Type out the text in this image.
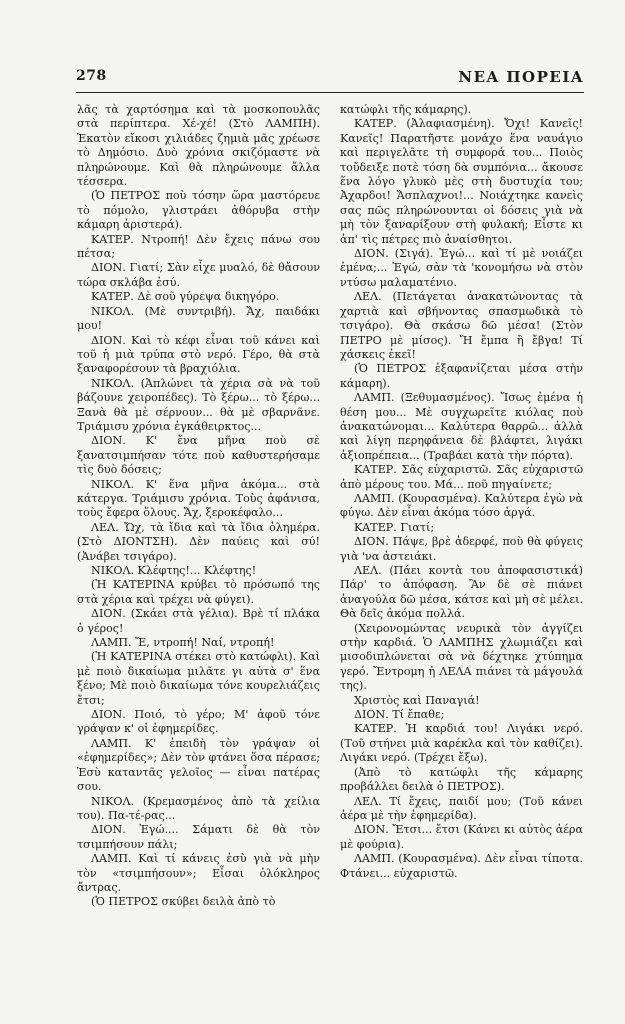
278	ΝΕΑ ΠΟΡΕΙΑ

λᾶς τὰ χαρτόσημα καὶ τὰ μοσκοπουλᾶς στὰ περίπτερα. Χέ-χέ! (Στὸ ΛΑΜΠΗ). Ἑκατὸν εἴκοσι χιλιάδες ζημιὰ μᾶς χρέωσε τὸ Δημόσιο. Δυὸ χρόνια σκιζόμαστε νὰ πληρώνουμε. Καὶ θὰ πληρώνουμε ἄλλα τέσσερα.

(Ὁ ΠΕΤΡΟΣ ποὺ τόσην ὥρα μαστόρευε τὸ πόμολο, γλιστράει ἀθόρυβα στὴν κάμαρη ἀριστερά).

ΚΑΤΕΡ. Ντροπή! Δὲν ἔχεις πάνω σου πέτσα;

ΔΙΟΝ. Γιατί; Σὰν εἶχε μυαλό, δὲ θἄσουν τώρα σκλάβα ἐσύ.

ΚΑΤΕΡ. Δὲ σοῦ γύρεψα δικηγόρο.

ΝΙΚΟΛ. (Μὲ συντριβή). Ἄχ, παιδάκι μου!

ΔΙΟΝ. Καὶ τὸ κέφι εἶναι τοῦ κάνει καὶ τοῦ ἡ μιὰ τρύπα στὸ νερό. Γέρο, θὰ στὰ ξαναφορέσουν τὰ βραχιόλια.

ΝΙΚΟΛ. (Ἁπλώνει τὰ χέρια σὰ νὰ τοῦ βάζουνε χειροπέδες). Τὸ ξέρω... τὸ ξέρω... Ξανὰ θὰ μὲ σέρνουν... θὰ μὲ σβαρνᾶνε. Τριάμισυ χρόνια ἐγκάθειρκτος...

ΔΙΟΝ. Κ' ἕνα μῆνα ποὺ σὲ ξανατσιμπήσαν τότε ποὺ καθυστερήσαμε τὶς δυὸ δόσεις;

ΝΙΚΟΛ. Κ' ἕνα μῆνα ἀκόμα... στὰ κάτεργα. Τριάμισυ χρόνια. Τοὺς ἀφάνισα, τοὺς ἔφερα ὅλους. Ἄχ, ξεροκέφαλο...

ΛΕΛ. Ὤχ, τὰ ἴδια καὶ τὰ ἴδια ὁλημέρα. (Στὸ ΔΙΟΝΤΣΗ). Δὲν παύεις καὶ σύ! (Ἀνάβει τσιγάρο).

ΝΙΚΟΛ. Κλέφτης!... Κλέφτης!

(Ἡ ΚΑΤΕΡΙΝΑ κρύβει τὸ πρόσωπό της στὰ χέρια καὶ τρέχει νὰ φύγει).

ΔΙΟΝ. (Σκάει στὰ γέλια). Βρὲ τί πλάκα ὁ γέρος!

ΛΑΜΠ. Ἔ, ντροπή! Ναί, ντροπή!

(Ἡ ΚΑΤΕΡΙΝΑ στέκει στὸ κατώφλι). Καὶ μὲ ποιὸ δικαίωμα μιλᾶτε γι αὐτὰ σ' ἕνα ξένο; Μὲ ποιὸ δικαίωμα τόνε κουρελιάζεις ἔτσι;

ΔΙΟΝ. Ποιό, τὸ γέρο; Μ' ἀφοῦ τόνε γράψαν κ' οἱ ἐφημερίδες.

ΛΑΜΠ. Κ' ἐπειδὴ τὸν γράψαν οἱ «ἐφημερίδες»; Δὲν τὸν φτάνει ὅσα πέρασε; Ἐσὺ καταντᾶς γελοῖος — εἶναι πατέρας σου.

ΝΙΚΟΛ. (Κρεμασμένος ἀπὸ τὰ χείλια του). Πα-τέ-ρας...

ΔΙΟΝ. Ἐγώ.... Σάματι δὲ θὰ τὸν τσιμπήσουν πάλι;

ΛΑΜΠ. Καὶ τί κάνεις ἐσὺ γιὰ νὰ μὴν τὸν «τσιμπήσουν»; Εἶσαι ὁλόκληρος ἄντρας.

(Ὁ ΠΕΤΡΟΣ σκύβει δειλὰ ἀπὸ τὸ

κατώφλι τῆς κάμαρης).

ΚΑΤΕΡ. (Ἀλαφιασμένη). Ὄχι! Κανεῖς! Κανεῖς! Παρατῆστε μονάχο ἕνα ναυάγιο καὶ περιγελᾶτε τὴ συμφορά του... Ποιὸς τοὔδειξε ποτὲ τόση δὰ συμπόνια... ἄκουσε ἕνα λόγο γλυκὸ μὲς στὴ δυστυχία του; Ἀχαρδοι! Ἄσπλαχνοι!... Νοιάχτηκε κανεὶς σας πῶς πληρώνουνται οἱ δόσεις γιὰ νὰ μὴ τὸν ξαναρίξουν στὴ φυλακή; Εἶστε κι ἀπ' τὶς πέτρες πιὸ ἀναίσθητοι.

ΔΙΟΝ. (Σιγά). Ἐγώ... καὶ τί μὲ νοιάζει ἐμένα;... Ἐγώ, σὰν τὰ 'κονομήσω νὰ στὸν ντύσω μαλαματένιο.

ΛΕΛ. (Πετάγεται ἀνακατώνοντας τὰ χαρτιὰ καὶ σβήνοντας σπασμωδικὰ τὸ τσιγάρο). Θὰ σκάσω δῶ μέσα! (Στὸν ΠΕΤΡΟ μὲ μίσος). Ἤ ἔμπα ἢ ἔβγα! Τί χάσκεις ἐκεῖ!

(Ὁ ΠΕΤΡΟΣ ἐξαφανίζεται μέσα στὴν κάμαρη).

ΛΑΜΠ. (Ξεθυμασμένος). Ἴσως ἐμένα ἡ θέση μου... Μὲ συγχωρεῖτε κιόλας ποὺ ἀνακατώνομαι... Καλύτερα θαρρῶ... ἀλλὰ καὶ λίγη περηφάνεια δὲ βλάφτει, λιγάκι ἀξιοπρέπεια... (Τραβάει κατὰ τὴν πόρτα).

ΚΑΤΕΡ. Σᾶς εὐχαριστῶ. Σᾶς εὐχαριστῶ ἀπὸ μέρους του. Μά... ποῦ πηγαίνετε;

ΛΑΜΠ. (Κουρασμένα). Καλύτερα ἐγὼ νὰ φύγω. Δὲν εἶναι ἀκόμα τόσο ἀργά.

ΚΑΤΕΡ. Γιατί;

ΔΙΟΝ. Πάψε, βρὲ ἀδερφέ, ποὺ θὰ φύγεις γιὰ 'να ἀστειάκι.

ΛΕΛ. (Πάει κοντὰ του ἀποφασιστικά) Πάρ' το ἀπόφαση. Ἂν δὲ σὲ πιάνει ἀναγούλα δῶ μέσα, κάτσε καὶ μὴ σὲ μέλει. Θὰ δεῖς ἀκόμα πολλά.

(Χειρονομώντας νευρικὰ τὸν ἀγγίζει στὴν καρδιά. Ὁ ΛΑΜΠΗΣ χλωμιάζει καὶ μισοδιπλώνεται σὰ νὰ δέχτηκε χτύπημα γερό. Ἔντρομη ἡ ΛΕΛΑ πιάνει τὰ μάγουλά της).

Χριστὸς καὶ Παναγιά!

ΔΙΟΝ. Τί ἔπαθε;

ΚΑΤΕΡ. Ἡ καρδιά του! Λιγάκι νερό. (Τοῦ στήνει μιὰ καρέκλα καὶ τὸν καθίζει). Λιγάκι νερό. (Τρέχει ἔξω).

(Ἀπὸ τὸ κατώφλι τῆς κάμαρης προβάλλει δειλὰ ὁ ΠΕΤΡΟΣ).

ΛΕΛ. Τί ἔχεις, παιδί μου; (Τοῦ κάνει ἀέρα μὲ τὴν ἐφημερίδα).

ΔΙΟΝ. Ἔτσι... ἔτσι (Κάνει κι αὐτὸς ἀέρα μὲ φούρια).

ΛΑΜΠ. (Κουρασμένα). Δὲν εἶναι τίποτα. Φτάνει... εὐχαριστῶ.
